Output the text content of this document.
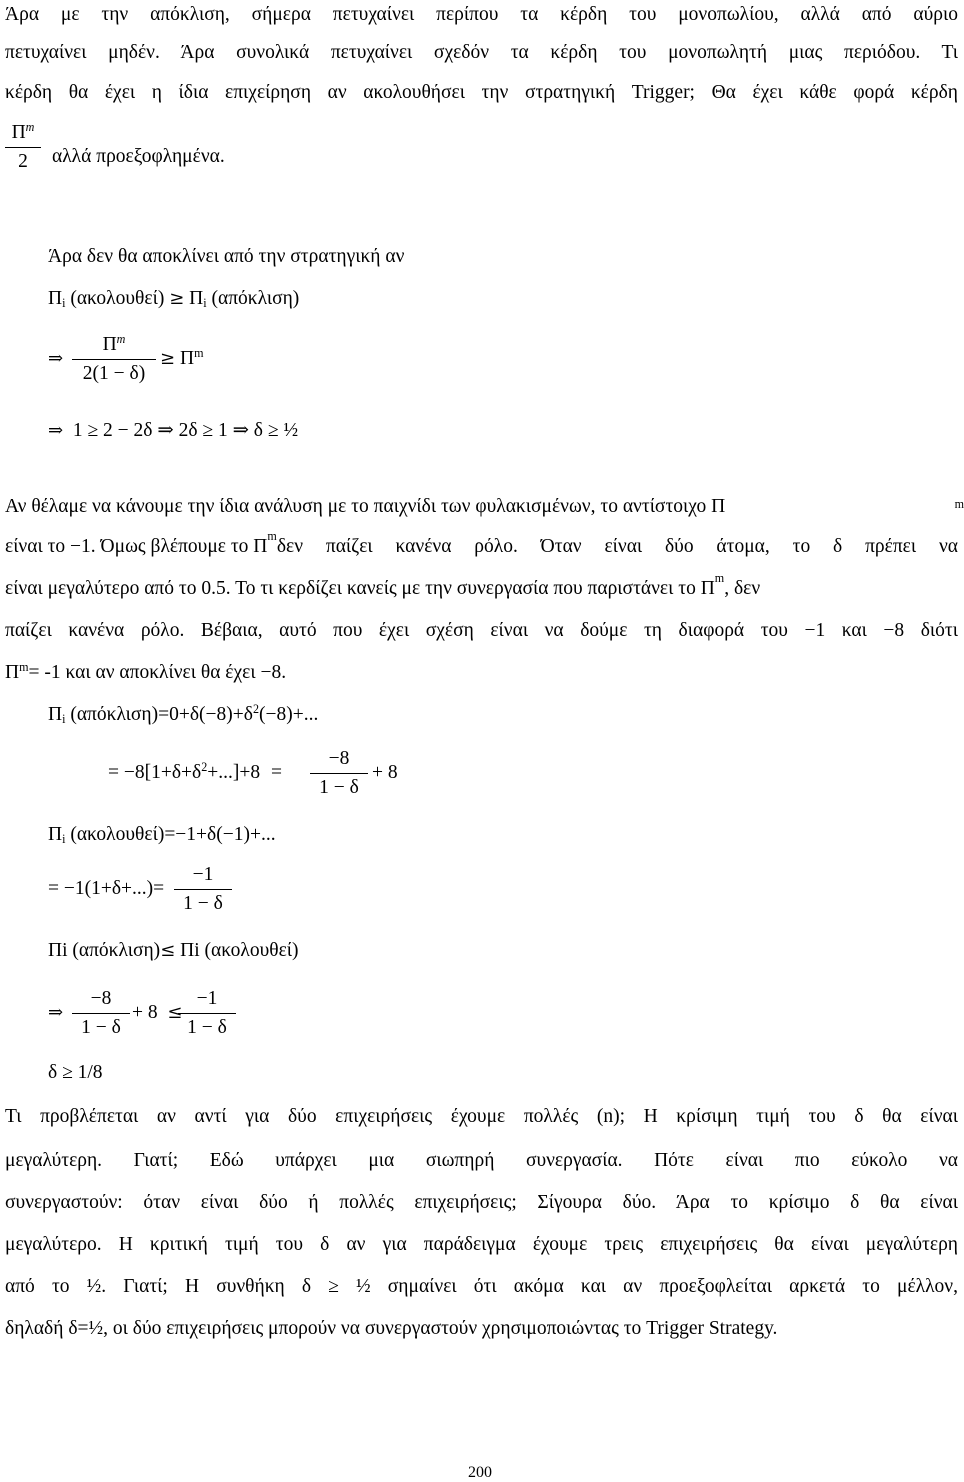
Άρα με την απόκλιση, σήμερα πετυχαίνει περίπου τα κέρδη του μονοπωλίου, αλλά από αύριο
πετυχαίνει μηδέν. Άρα συνολικά πετυχαίνει σχεδόν τα κέρδη του μονοπωλητή μιας περιόδου. Τι
κέρδη θα έχει η ίδια επιχείρηση αν ακολουθήσει την στρατηγική Trigger; Θα έχει κάθε φορά κέρδη
$\Pi^m$
2	αλλά προεξοφλημένα.
Άρα δεν θα αποκλίνει από την στρατηγική αν
$\Pi_i$ $(\alpha\kappa o\lambda o\upsilon\theta\varepsilon ί) \ge \Pi_i$ (απόκλιση)
⇒
$\Pi^m$
2(1 − δ)
≥ $\Pi^m$
⇒ 1 ≥ 2 − 2δ ⇒ 2δ ≥ 1 ⇒ δ ≥ ½
Αν θέλαμε να κάνουμε την ίδια ανάλυση με το παιχνίδι των φυλακισμένων, το αντίστοιχο Π	m
είναι το −1. Όμως βλέπουμε το Π m δεν παίζει κανένα ρόλο. Όταν είναι δύο άτομα, το δ πρέπει να
είναι μεγαλύτερο από το 0.5. Το τι κερδίζει κανείς με την συνεργασία που παριστάνει το Π m , δεν
παίζει κανένα ρόλο. Βέβαια, αυτό που έχει σχέση είναι να δούμε τη διαφορά του −1 και −8 διότι
$\Pi^m= -1$ και αν αποκλίνει θα έχει −8.
$\Pi_i$ $(\alpha\pi ό\kappa\lambda\iota\sigma\eta)=0+\delta(-8)+\delta^2(-8)+$...
= $-8[1+\delta+\delta^2+...]+8$ =
−8
1 − δ
+ 8
$\Pi_i$ (ακολουθεί)=−1+δ(−1)+...
= −1(1+δ+...)=
−1
1 − δ
Πi (απόκλιση)≤ Πi (ακολουθεί)
⇒
−8
1 − δ
+ 8 ≤
−1
1 − δ
δ ≥ 1/8
Τι προβλέπεται αν αντί για δύο επιχειρήσεις έχουμε πολλές (n); Η κρίσιμη τιμή του δ θα είναι
μεγαλύτερη. Γιατί; Εδώ υπάρχει μια σιωπηρή συνεργασία. Πότε είναι πιο εύκολο να
συνεργαστούν: όταν είναι δύο ή πολλές επιχειρήσεις; Σίγουρα δύο. Άρα το κρίσιμο δ θα είναι
μεγαλύτερο. Η κριτική τιμή του δ αν για παράδειγμα έχουμε τρεις επιχειρήσεις θα είναι μεγαλύτερη
από το ½. Γιατί; Η συνθήκη δ ≥ ½ σημαίνει ότι ακόμα και αν προεξοφλείται αρκετά το μέλλον,
δηλαδή δ=½, οι δύο επιχειρήσεις μπορούν να συνεργαστούν χρησιμοποιώντας το Trigger Strategy.
200
